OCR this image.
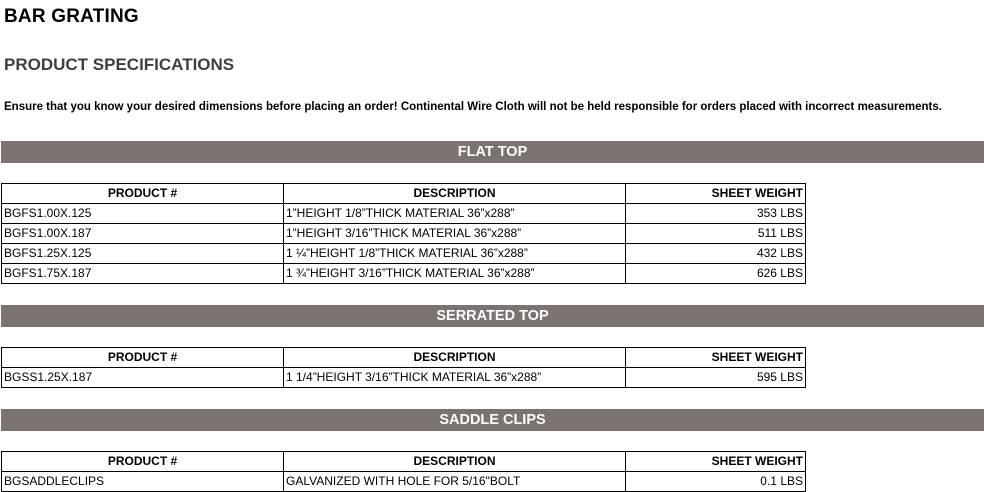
BAR GRATING
PRODUCT SPECIFICATIONS
Ensure that you know your desired dimensions before placing an order! Continental Wire Cloth will not be held responsible for orders placed with incorrect measurements.
FLAT TOP
PRODUCT #	DESCRIPTION	SHEET WEIGHT
BGFS1.00X.125	1”HEIGHT 1/8”THICK MATERIAL 36”x288”	353 LBS
BGFS1.00X.187	1”HEIGHT 3/16”THICK MATERIAL 36”x288”	511 LBS
BGFS1.25X.125	1 ¼”HEIGHT 1/8”THICK MATERIAL 36”x288”	432 LBS
BGFS1.75X.187	1 ¾”HEIGHT 3/16”THICK MATERIAL 36”x288”	626 LBS
SERRATED TOP
PRODUCT #	DESCRIPTION	SHEET WEIGHT
BGSS1.25X.187	1 1/4”HEIGHT 3/16”THICK MATERIAL 36”x288”	595 LBS
SADDLE CLIPS
PRODUCT #	DESCRIPTION	SHEET WEIGHT
BGSADDLECLIPS	GALVANIZED WITH HOLE FOR 5/16"BOLT	0.1 LBS
